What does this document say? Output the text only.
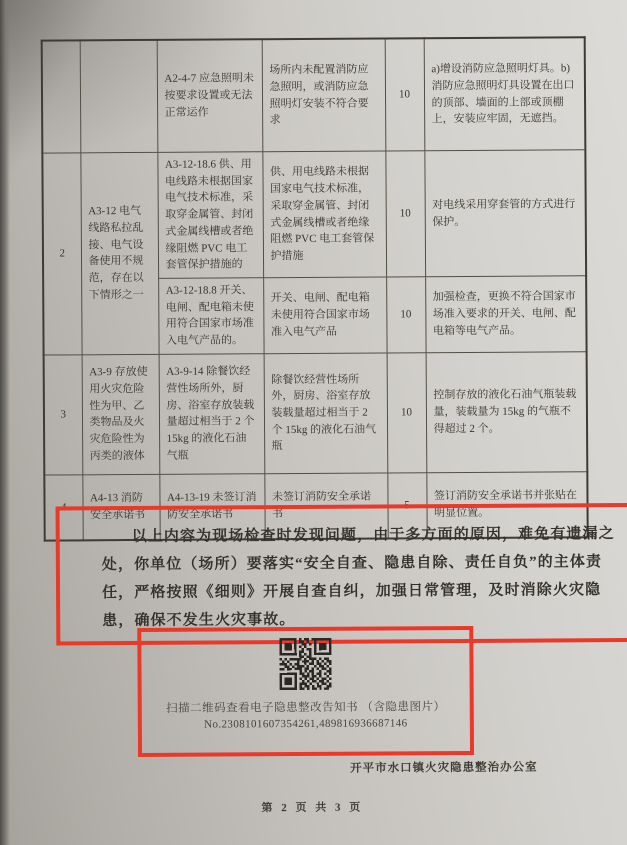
		A2-4-7 应急照明未按要求设置或无法正常运作	场所内未配置消防应急照明，或消防应急照明灯安装不符合要求	10	a)增设消防应急照明灯具。b)消防应急照明灯具设置在出口的顶部、墙面的上部或顶棚上，安装应牢固，无遮挡。
2	A3-12 电气线路私拉乱接、电气设备使用不规范，存在以下情形之一	A3-12-18.6 供、用电线路未根据国家电气技术标准，采取穿金属管、封闭式金属线槽或者绝缘阻燃 PVC 电工套管保护措施的	供、用电线路未根据国家电气技术标准，采取穿金属管、封闭式金属线槽或者绝缘阻燃 PVC 电工套管保护措施	10	对电线采用穿套管的方式进行保护。
		A3-12-18.8 开关、电闸、配电箱未使用符合国家市场准入电气产品的。	开关、电闸、配电箱未使用符合国家市场准入电气产品	10	加强检查，更换不符合国家市场准入要求的开关、电闸、配电箱等电气产品。
3	A3-9 存放使用火灾危险性为甲、乙类物品及火灾危险性为丙类的液体	A3-9-14 除餐饮经营性场所外，厨房、浴室存放装载量超过相当于 2 个 15kg 的液化石油气瓶	除餐饮经营性场所外，厨房、浴室存放装载量超过相当于 2 个 15kg 的液化石油气瓶	10	控制存放的液化石油气瓶装载量，装载量为 15kg 的气瓶不得超过 2 个。
4	A4-13 消防安全承诺书	A4-13-19 未签订消防安全承诺书	未签订消防安全承诺书	5	签订消防安全承诺书并张贴在明显位置。
以上内容为现场检查时发现问题，由于多方面的原因，难免有遗漏之处，你单位（场所）要落实“安全自查、隐患自除、责任自负”的主体责任，严格按照《细则》开展自查自纠，加强日常管理，及时消除火灾隐患，确保不发生火灾事故。
扫描二维码查看电子隐患整改告知书 （含隐患图片）
No.2308101607354261,489816936687146
开平市水口镇火灾隐患整治办公室
第 2 页 共 3 页
